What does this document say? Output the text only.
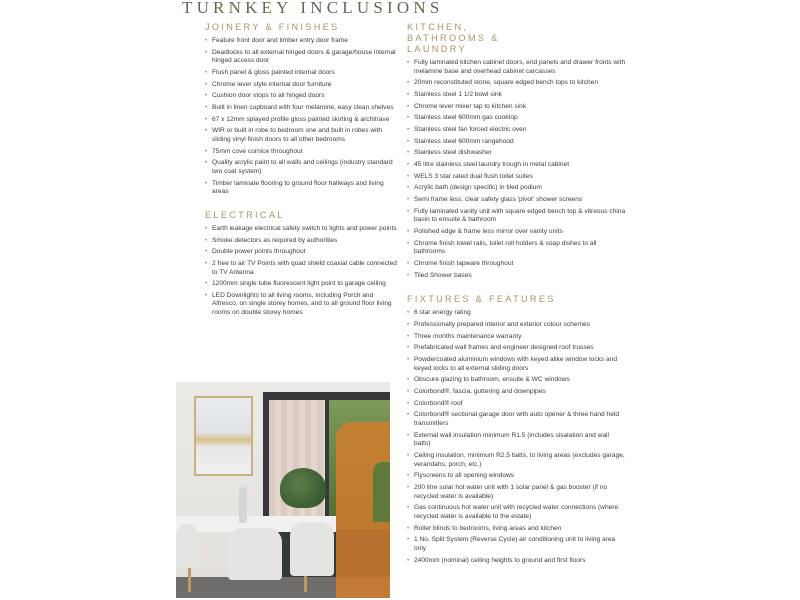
TURNKEY INCLUSIONS
JOINERY & FINISHES
• Feature front door and timber entry door frame
• Deadlocks to all external hinged doors & garage/house internal hinged access door
• Flush panel & gloss painted internal doors
• Chrome lever style internal door furniture
• Cushion door stops to all hinged doors
• Built in linen cupboard with four melamine, easy clean shelves
• 67 x 12mm splayed profile gloss painted skirting & architrave
• WIR or built in robe to bedroom one and built in robes with sliding vinyl finish doors to all other bedrooms
• 75mm cove cornice throughout
• Quality acrylic paint to all walls and ceilings (industry standard two coat system)
• Timber laminate flooring to ground floor hallways and living areas
ELECTRICAL
• Earth leakage electrical safety switch to lights and power points
• Smoke detectors as required by authorities
• Double power points throughout
• 2 free to air TV Points with quad shield coaxial cable connected to TV Antenna
• 1200mm single tube fluorescent light point to garage ceiling
• LED Downlights to all living rooms, including Porch and Alfresco, on single storey homes, and to all ground floor living rooms on double storey homes
KITCHEN, BATHROOMS & LAUNDRY
• Fully laminated kitchen cabinet doors, end panels and drawer fronts with melamine base and overhead cabinet carcasses
• 20mm reconstituted stone, square edged bench tops to kitchen
• Stainless steel 1 1/2 bowl sink
• Chrome lever mixer tap to kitchen sink
• Stainless steel 600mm gas cooktop
• Stainless steel fan forced electric oven
• Stainless steel 600mm rangehood
• Stainless steel dishwasher
• 45 litre stainless steel laundry trough in metal cabinet
• WELS 3 star rated dual flush toilet suites
• Acrylic bath (design specific) in tiled podium
• Semi frame less, clear safety glass 'pivot' shower screens
• Fully laminated vanity unit with square edged bench top & vitreous china basin to ensuite & bathroom
• Polished edge & frame less mirror over vanity units
• Chrome finish towel rails, toilet roll holders & soap dishes to all bathrooms
• Chrome finish tapware throughout
• Tiled Shower bases
FIXTURES & FEATURES
• 6 star energy rating
• Professionally prepared interior and exterior colour schemes
• Three months maintenance warranty
• Prefabricated wall frames and engineer designed roof trusses
• Powdercoated aluminium windows with keyed alike window locks and keyed locks to all external sliding doors
• Obscure glazing to bathroom, ensuite & WC windows
• Colorbond®, fascia, guttering and downpipes
• Colorbond® roof
• Colorbond® sectional garage door with auto opener & three hand held transmitters
• External wall insulation minimum R1.5 (includes sisalation and wall batts)
• Ceiling insulation, minimum R2.5 batts, to living areas (excludes garage, verandahs, porch, etc.)
• Flyscreens to all opening windows
• 200 litre solar hot water unit with 1 solar panel & gas booster (if no recycled water is available)
• Gas continuous hot water unit with recycled water connections (where recycled water is available to the estate)
• Roller blinds to bedrooms, living areas and kitchen
• 1 No. Split System (Reverse Cycle) air conditioning unit to living area only
• 2400mm (nominal) ceiling heights to ground and first floors
